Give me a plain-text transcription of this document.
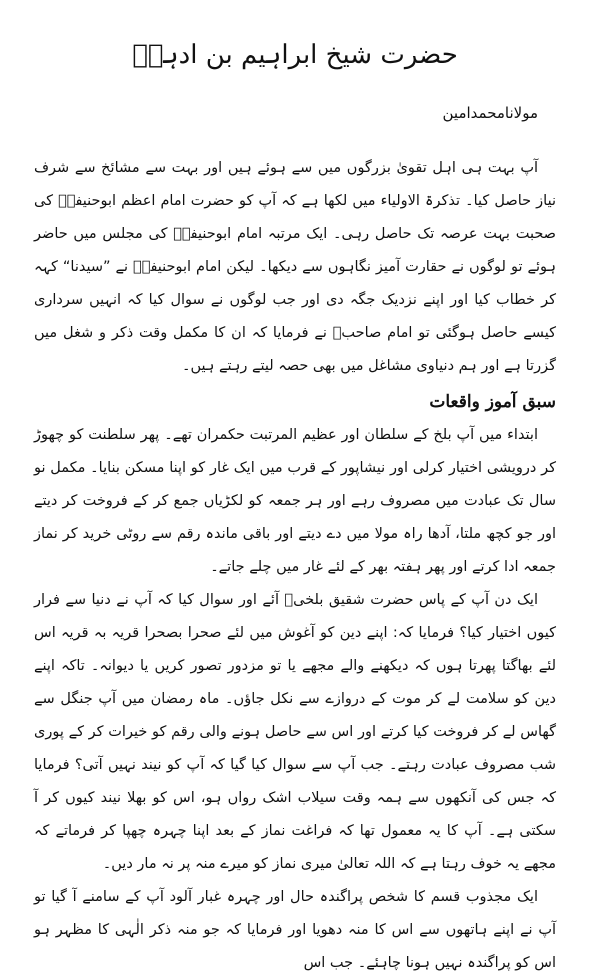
حضرت شیخ ابراہیم بن ادہمؒ
مولانامحمدامین

آپ بہت ہی اہل تقویٰ بزرگوں میں سے ہوئے ہیں اور بہت سے مشائخ سے شرف نیاز حاصل کیا۔ تذکرۃ الاولیاء میں لکھا ہے کہ آپ کو حضرت امام اعظم ابوحنیفہؒ کی صحبت بہت عرصہ تک حاصل رہی۔ ایک مرتبہ امام ابوحنیفہؒ کی مجلس میں حاضر ہوئے تو لوگوں نے حقارت آمیز نگاہوں سے دیکھا۔ لیکن امام ابوحنیفہؒ نے ”سیدنا“ کہہ کر خطاب کیا اور اپنے نزدیک جگہ دی اور جب لوگوں نے سوال کیا کہ انہیں سرداری کیسے حاصل ہوگئی تو امام صاحبؒ نے فرمایا کہ ان کا مکمل وقت ذکر و شغل میں گزرتا ہے اور ہم دنیاوی مشاغل میں بھی حصہ لیتے رہتے ہیں۔

سبق آموز واقعات

ابتداء میں آپ بلخ کے سلطان اور عظیم المرتبت حکمران تھے۔ پھر سلطنت کو چھوڑ کر درویشی اختیار کرلی اور نیشاپور کے قرب میں ایک غار کو اپنا مسکن بنایا۔ مکمل نو سال تک عبادت میں مصروف رہے اور ہر جمعہ کو لکڑیاں جمع کر کے فروخت کر دیتے اور جو کچھ ملتا، آدھا راہ مولا میں دے دیتے اور باقی ماندہ رقم سے روٹی خرید کر نماز جمعہ ادا کرتے اور پھر ہفتہ بھر کے لئے غار میں چلے جاتے۔

ایک دن آپ کے پاس حضرت شقیق بلخیؒ آئے اور سوال کیا کہ آپ نے دنیا سے فرار کیوں اختیار کیا؟ فرمایا کہ: اپنے دین کو آغوش میں لئے صحرا بصحرا قریہ بہ قریہ اس لئے بھاگتا پھرتا ہوں کہ دیکھنے والے مجھے یا تو مزدور تصور کریں یا دیوانہ۔ تاکہ اپنے دین کو سلامت لے کر موت کے دروازے سے نکل جاؤں۔ ماہ رمضان میں آپ جنگل سے گھاس لے کر فروخت کیا کرتے اور اس سے حاصل ہونے والی رقم کو خیرات کر کے پوری شب مصروف عبادت رہتے۔ جب آپ سے سوال کیا گیا کہ آپ کو نیند نہیں آتی؟ فرمایا کہ جس کی آنکھوں سے ہمہ وقت سیلاب اشک رواں ہو، اس کو بھلا نیند کیوں کر آ سکتی ہے۔ آپ کا یہ معمول تھا کہ فراغت نماز کے بعد اپنا چہرہ چھپا کر فرماتے کہ مجھے یہ خوف رہتا ہے کہ اللہ تعالیٰ میری نماز کو میرے منہ پر نہ مار دیں۔

ایک مجذوب قسم کا شخص پراگندہ حال اور چہرہ غبار آلود آپ کے سامنے آ گیا تو آپ نے اپنے ہاتھوں سے اس کا منہ دھویا اور فرمایا کہ جو منہ ذکر الٰہی کا مظہر ہو اس کو پراگندہ نہیں ہونا چاہئے۔ جب اس
